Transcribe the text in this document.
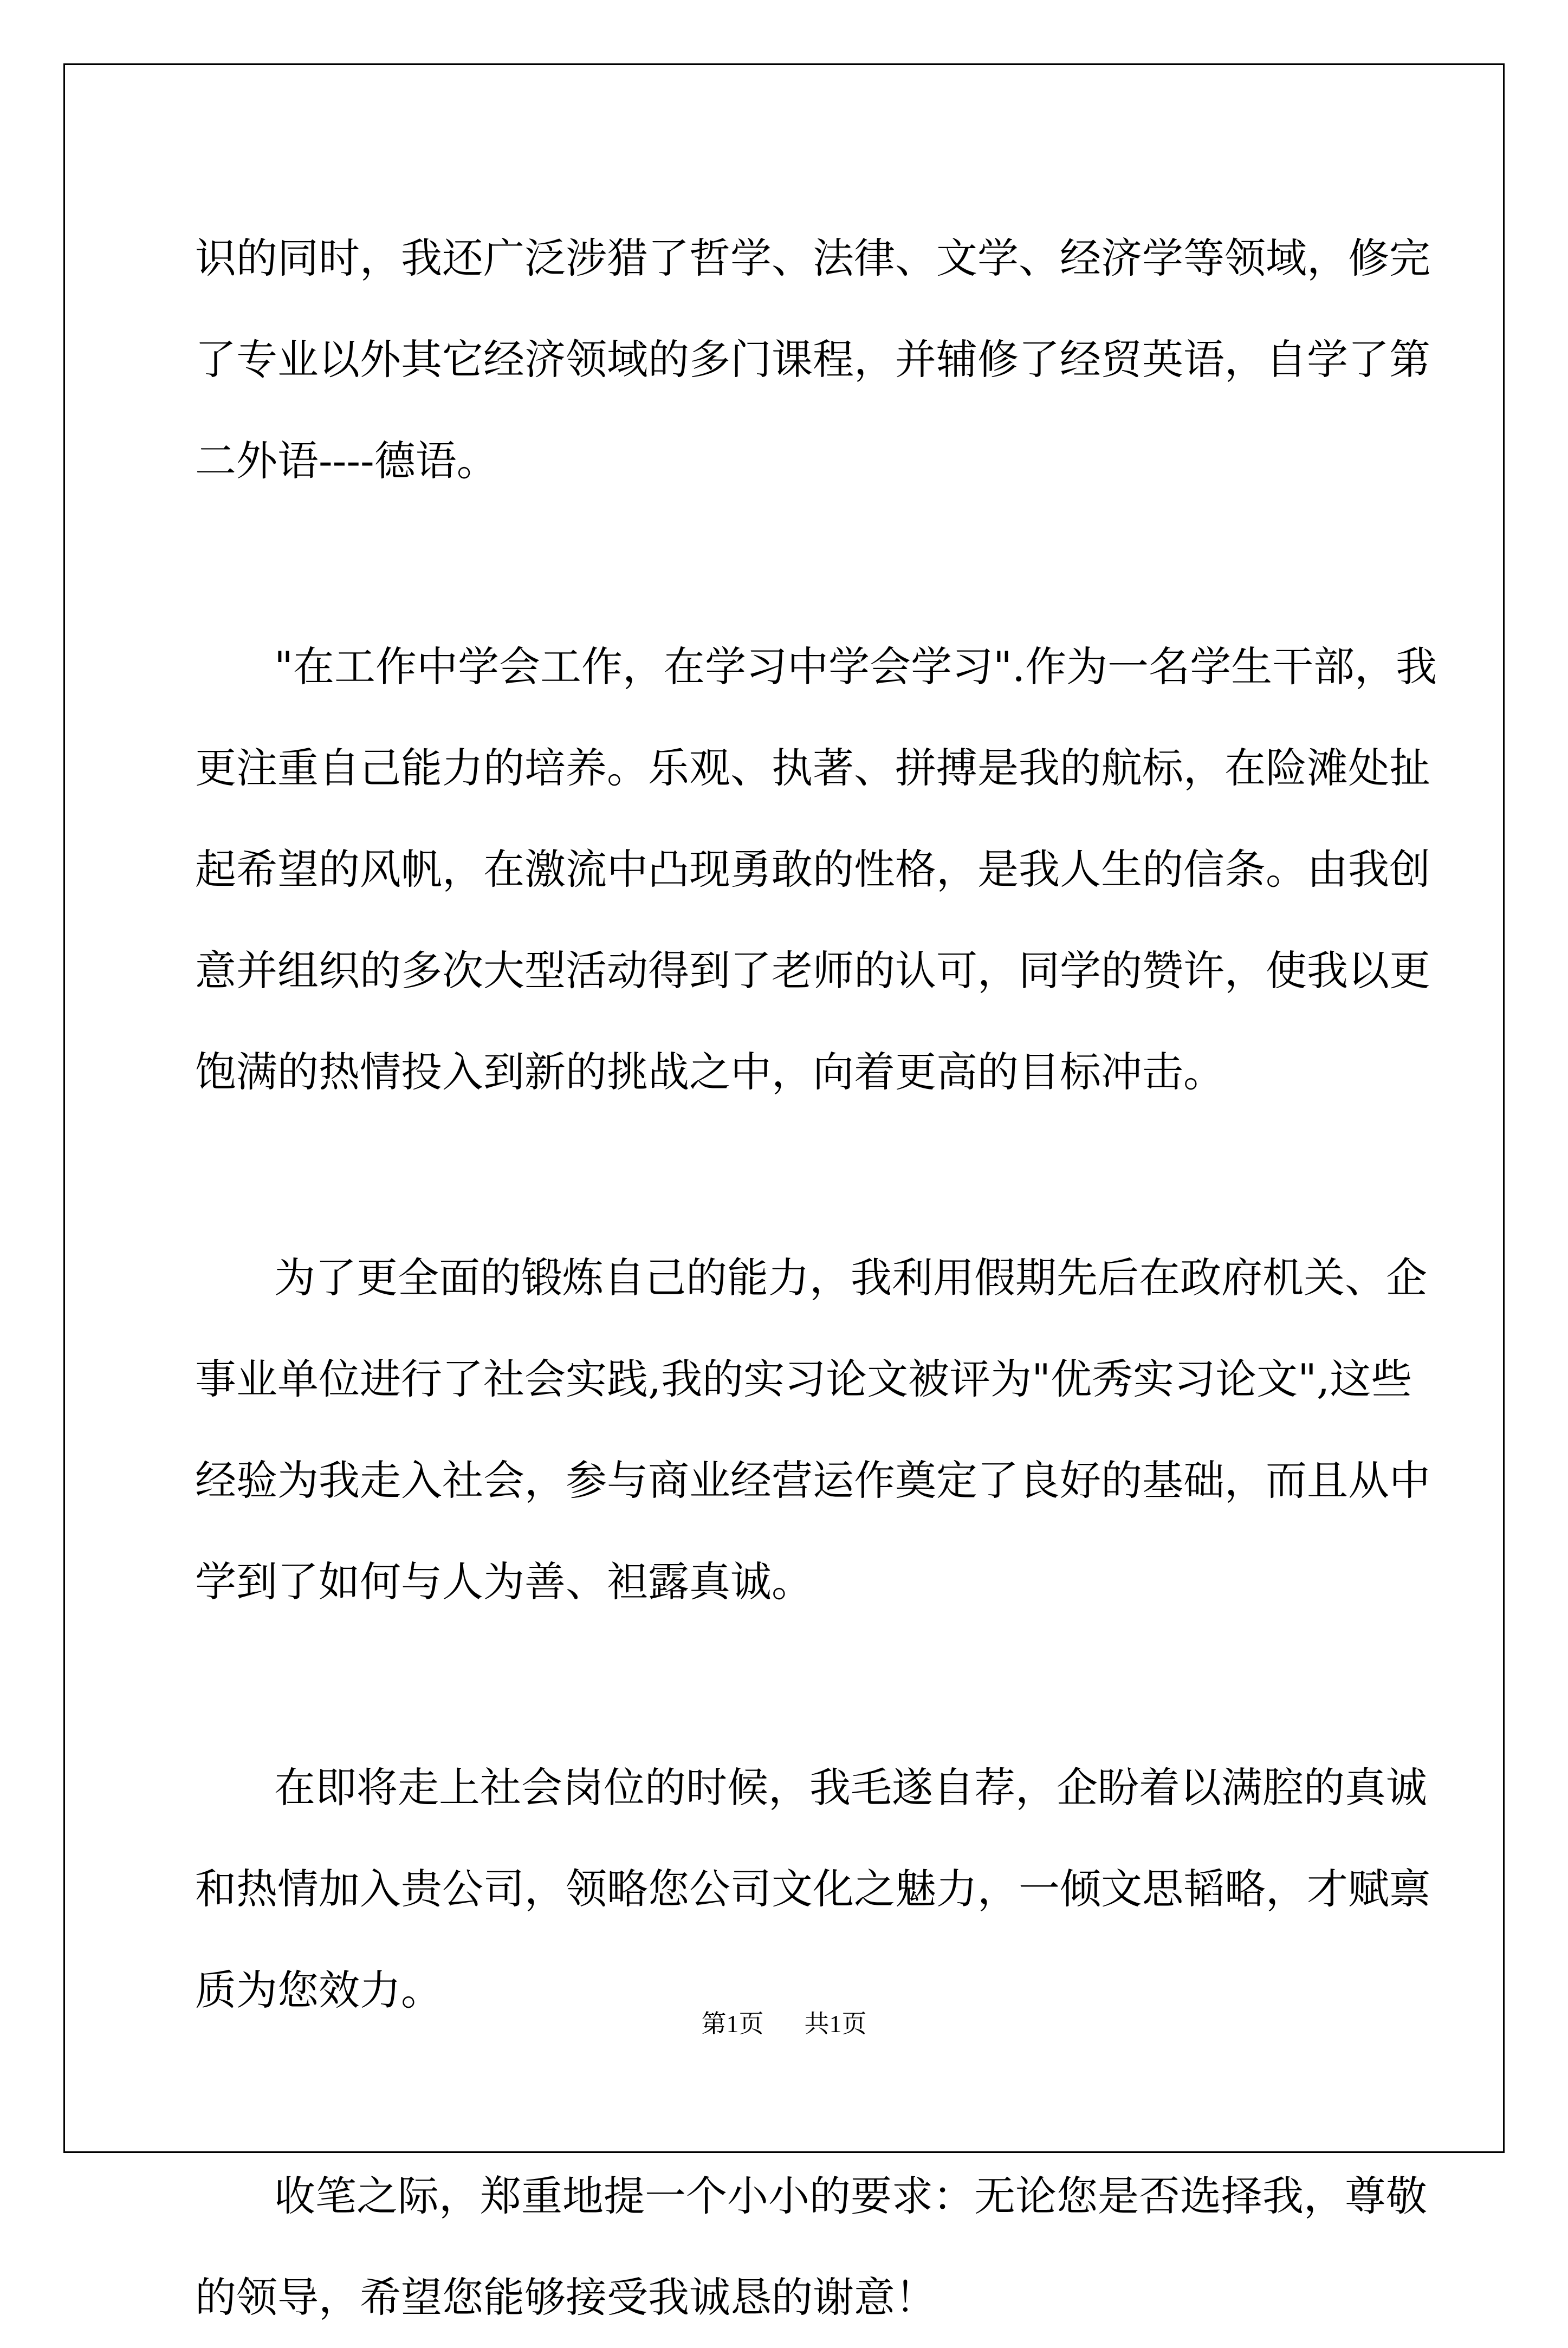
识 的 同 时 ， 我 还 广 泛 涉 猎 了 哲 学 、 法 律 、 文 学 、 经 济 学 等 领 域 ， 修 完
了 专 业 以 外 其 它 经 济 领 域 的 多 门 课 程 ， 并 辅 修 了 经 贸 英 语 ， 自 学 了 第
二外语----德语。
" 在 工 作 中 学 会 工 作 ， 在 学 习 中 学 会 学 习 " . 作 为 一 名 学 生 干 部 ， 我
更 注 重 自 己 能 力 的 培 养 。 乐 观 、 执 著 、 拼 搏 是 我 的 航 标 ， 在 险 滩 处 扯
起 希 望 的 风 帆 ， 在 激 流 中 凸 现 勇 敢 的 性 格 ， 是 我 人 生 的 信 条 。 由 我 创
意 并 组 织 的 多 次 大 型 活 动 得 到 了 老 师 的 认 可 ， 同 学 的 赞 许 ， 使 我 以 更
饱满的热情投入到新的挑战之中，向着更高的目标冲击。
为 了 更 全 面 的 锻 炼 自 己 的 能 力 ， 我 利 用 假 期 先 后 在 政 府 机 关 、 企
事 业 单 位 进 行 了 社 会 实 践 , 我 的 实 习 论 文 被 评 为 " 优 秀 实 习 论 文 " , 这 些
经 验 为 我 走 入 社 会 ， 参 与 商 业 经 营 运 作 奠 定 了 良 好 的 基 础 ， 而 且 从 中
学到了如何与人为善、袒露真诚。
在 即 将 走 上 社 会 岗 位 的 时 候 ， 我 毛 遂 自 荐 ， 企 盼 着 以 满 腔 的 真 诚
和 热 情 加 入 贵 公 司 ， 领 略 您 公 司 文 化 之 魅 力 ， 一 倾 文 思 韬 略 ， 才 赋 禀
质为您效力。
收 笔 之 际 ， 郑 重 地 提 一 个 小 小 的 要 求 ： 无 论 您 是 否 选 择 我 ， 尊 敬
的领导，希望您能够接受我诚恳的谢意！
第1页 共1页
